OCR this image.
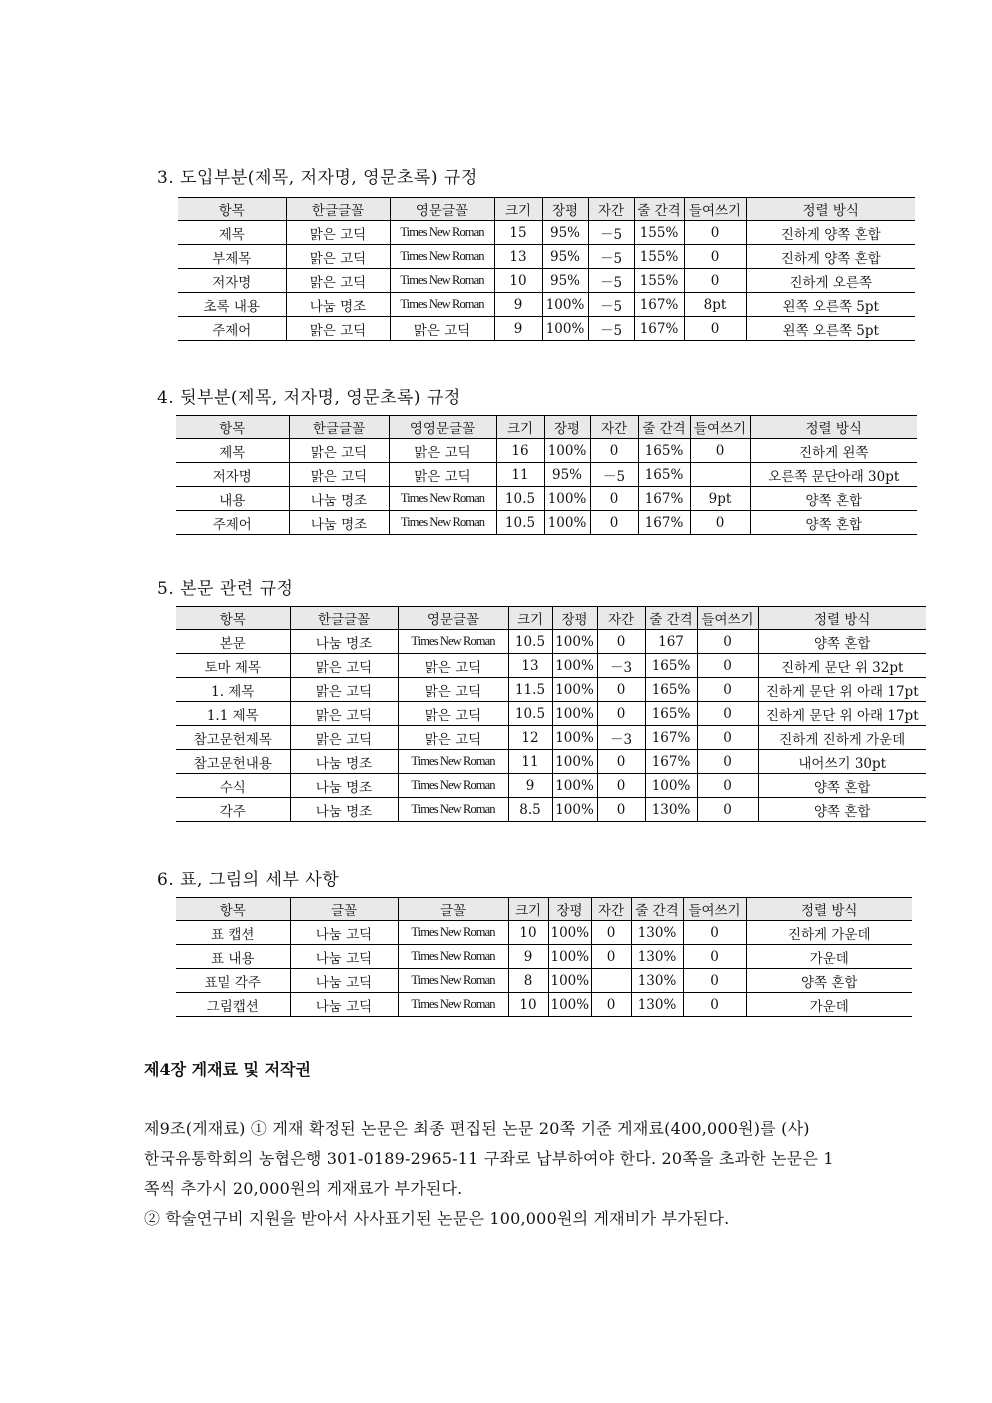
3. 도입부분(제목, 저자명, 영문초록) 규정
항목	한글글꼴	영문글꼴	크기	장평	자간	줄 간격	들여쓰기	정렬 방식
제목	맑은 고딕	Times New Roman	15	95%	－5	155%	0	진하게 양쪽 혼합
부제목	맑은 고딕	Times New Roman	13	95%	－5	155%	0	진하게 양쪽 혼합
저자명	맑은 고딕	Times New Roman	10	95%	－5	155%	0	진하게 오른쪽
초록 내용	나눔 명조	Times New Roman	9	100%	－5	167%	8pt	왼쪽 오른쪽 5pt
주제어	맑은 고딕	맑은 고딕	9	100%	－5	167%	0	왼쪽 오른쪽 5pt
4. 뒷부분(제목, 저자명, 영문초록) 규정
항목	한글글꼴	영영문글꼴	크기	장평	자간	줄 간격	들여쓰기	정렬 방식
제목	맑은 고딕	맑은 고딕	16	100%	0	165%	0	진하게 왼쪽
저자명	맑은 고딕	맑은 고딕	11	95%	－5	165%		오른쪽 문단아래 30pt
내용	나눔 명조	Times New Roman	10.5	100%	0	167%	9pt	양쪽 혼합
주제어	나눔 명조	Times New Roman	10.5	100%	0	167%	0	양쪽 혼합
5. 본문 관련 규정
항목	한글글꼴	영문글꼴	크기	장평	자간	줄 간격	들여쓰기	정렬 방식
본문	나눔 명조	Times New Roman	10.5	100%	0	167	0	양쪽 혼합
토마 제목	맑은 고딕	맑은 고딕	13	100%	－3	165%	0	진하게 문단 위 32pt
1. 제목	맑은 고딕	맑은 고딕	11.5	100%	0	165%	0	진하게 문단 위 아래 17pt
1.1 제목	맑은 고딕	맑은 고딕	10.5	100%	0	165%	0	진하게 문단 위 아래 17pt
참고문헌제목	맑은 고딕	맑은 고딕	12	100%	－3	167%	0	진하게 진하게 가운데
참고문헌내용	나눔 명조	Times New Roman	11	100%	0	167%	0	내어쓰기 30pt
수식	나눔 명조	Times New Roman	9	100%	0	100%	0	양쪽 혼합
각주	나눔 명조	Times New Roman	8.5	100%	0	130%	0	양쪽 혼합
6. 표, 그림의 세부 사항
항목	글꼴	글꼴	크기	장평	자간	줄 간격	들여쓰기	정렬 방식
표 캡션	나눔 고딕	Times New Roman	10	100%	0	130%	0	진하게 가운데
표 내용	나눔 고딕	Times New Roman	9	100%	0	130%	0	가운데
표밑 각주	나눔 고딕	Times New Roman	8	100%		130%	0	양쪽 혼합
그림캡션	나눔 고딕	Times New Roman	10	100%	0	130%	0	가운데
제4장 게재료 및 저작권
제9조(게재료) ① 게재 확정된 논문은 최종 편집된 논문 20쪽 기준 게재료(400,000원)를 (사)
한국유통학회의 농협은행 301-0189-2965-11 구좌로 납부하여야 한다. 20쪽을 초과한 논문은 1
쪽씩 추가시 20,000원의 게재료가 부가된다.
② 학술연구비 지원을 받아서 사사표기된 논문은 100,000원의 게재비가 부가된다.
